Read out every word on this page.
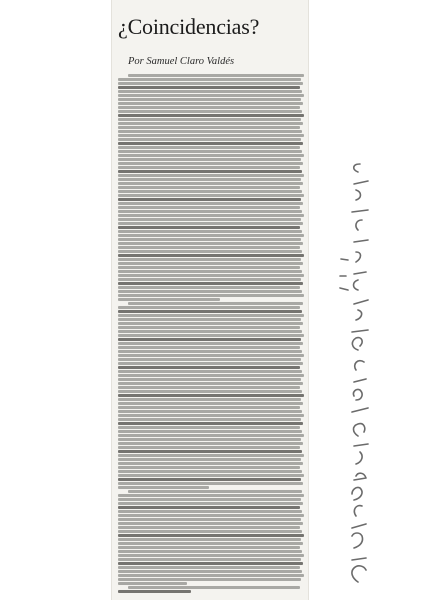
¿Coincidencias?

Por Samuel Claro Valdés
